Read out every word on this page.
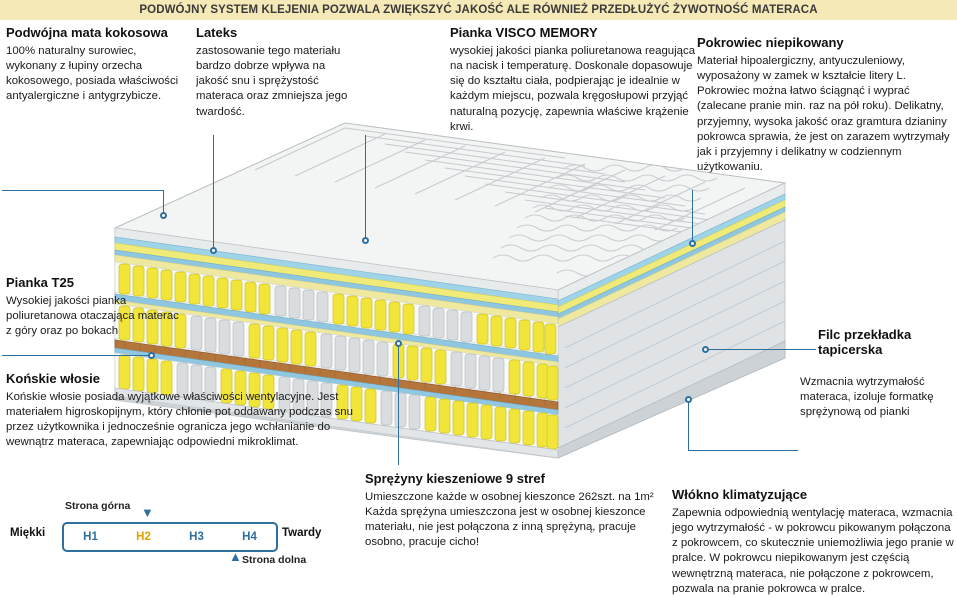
PODWÓJNY SYSTEM KLEJENIA POZWALA ZWIĘKSZYĆ JAKOŚĆ ALE RÓWNIEŻ PRZEDŁUŻYĆ ŻYWOTNOŚĆ MATERACA
Podwójna mata kokosowa

100% naturalny surowiec, wykonany z łupiny orzecha kokosowego, posiada właściwości antyalergiczne i antygrzybicze.

Lateks

zastosowanie tego materiału bardzo dobrze wpływa na jakość snu i sprężystość materaca oraz zmniejsza jego twardość.

Pianka VISCO MEMORY

wysokiej jakości pianka poliuretanowa reagująca na nacisk i temperaturę. Doskonale dopasowuje się do kształtu ciała, podpierając je idealnie w każdym miejscu, pozwala kręgosłupowi przyjąć naturalną pozycję, zapewnia właściwe krążenie krwi.

Pokrowiec niepikowany

Materiał hipoalergiczny, antyuczuleniowy, wyposażony w zamek w kształcie litery L. Pokrowiec można łatwo ściągnąć i wyprać (zalecane pranie min. raz na pół roku). Delikatny, przyjemny, wysoka jakość oraz gramtura dzianiny pokrowca sprawia, że jest on zarazem wytrzymały jak i przyjemny i delikatny w codziennym użytkowaniu.

Pianka T25

Wysokiej jakości pianka poliuretanowa otaczająca materac z góry oraz po bokach

Końskie włosie

Końskie włosie posiada wyjątkowe właściwości wentylacyjne. Jest materiałem higroskopijnym, który chłonie pot oddawany podczas snu przez użytkownika i jednocześnie ogranicza jego wchłanianie do wewnątrz materaca, zapewniając odpowiedni mikroklimat.

Filc przekładka tapicerska

Wzmacnia wytrzymałość materaca, izoluje formatkę sprężynową od pianki

Sprężyny kieszeniowe 9 stref

Umieszczone każde w osobnej kieszonce 262szt. na 1m² Każda sprężyna umieszczona jest w osobnej kieszonce materiału, nie jest połączona z inną sprężyną, pracuje osobno, pracuje cicho!

Włókno klimatyzujące

Zapewnia odpowiednią wentylację materaca, wzmacnia jego wytrzymałość - w pokrowcu pikowanym połączona z pokrowcem, co skutecznie uniemożliwia jego pranie w pralce. W pokrowcu niepikowanym jest częścią wewnętrzną materaca, nie połączone z pokrowcem, pozwala na pranie pokrowca w pralce.

Strona górna ▼
Miękki	H1	H2	H3	H4	Twardy
▲ Strona dolna
